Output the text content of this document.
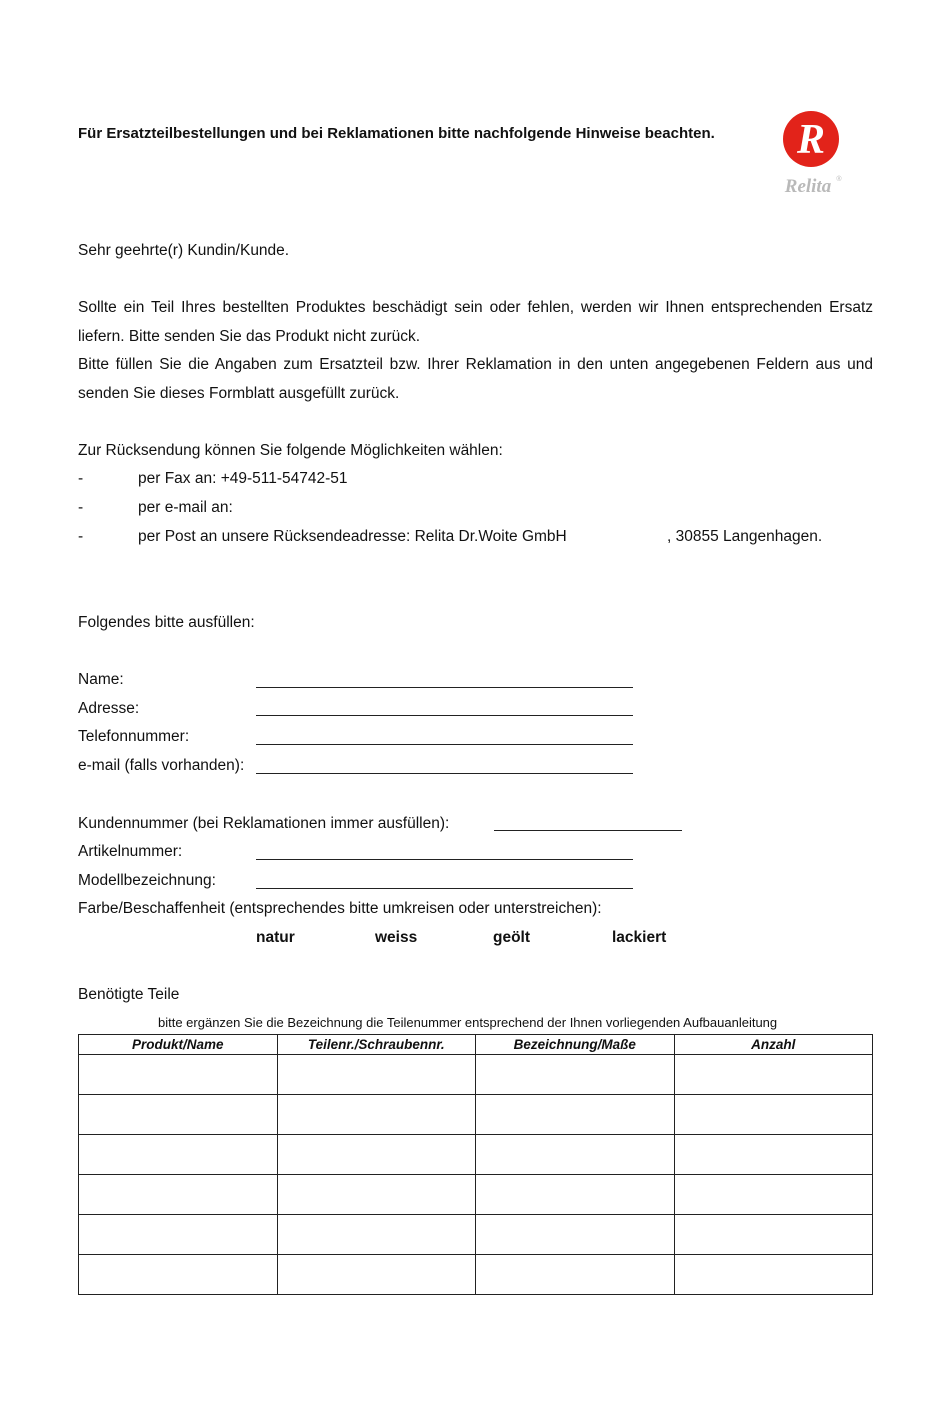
Für Ersatzteilbestellungen und bei Reklamationen bitte nachfolgende Hinweise beachten. R
Relita ®
Sehr geehrte(r) Kundin/Kunde.
Sollte ein Teil Ihres bestellten Produktes beschädigt sein oder fehlen, werden wir Ihnen entsprechenden Ersatz liefern. Bitte senden Sie das Produkt nicht zurück.
Bitte füllen Sie die Angaben zum Ersatzteil bzw. Ihrer Reklamation in den unten angegebenen Feldern aus und senden Sie dieses Formblatt ausgefüllt zurück.
Zur Rücksendung können Sie folgende Möglichkeiten wählen:
-	per Fax an: +49-511-54742-51
-	per e-mail an:
-	per Post an unsere Rücksendeadresse: Relita Dr.Woite GmbH	, 30855 Langenhagen.
Folgendes bitte ausfüllen:
Name:
Adresse:
Telefonnummer:
e-mail (falls vorhanden):
Kundennummer (bei Reklamationen immer ausfüllen):
Artikelnummer:
Modellbezeichnung:
Farbe/Beschaffenheit (entsprechendes bitte umkreisen oder unterstreichen):
natur	weiss	geölt	lackiert
Benötigte Teile
bitte ergänzen Sie die Bezeichnung die Teilenummer entsprechend der Ihnen vorliegenden Aufbauanleitung
Produkt/Name	Teilenr./Schraubennr.	Bezeichnung/Maße	Anzahl
